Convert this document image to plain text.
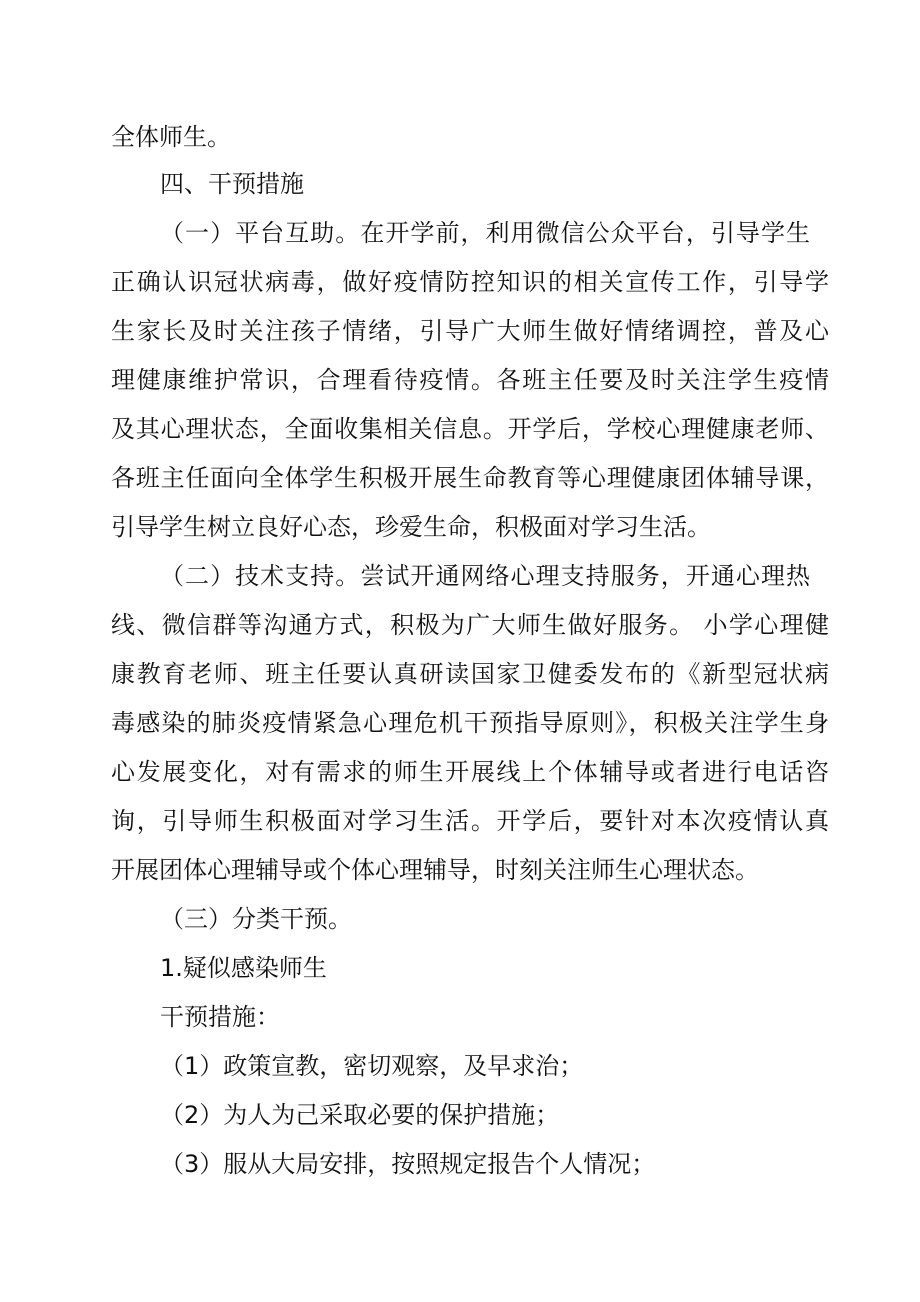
全体师生。
四、干预措施
（一）平台互助。在开学前，利用微信公众平台，引导学生
正确认识冠状病毒，做好疫情防控知识的相关宣传工作，引导学
生家长及时关注孩子情绪，引导广大师生做好情绪调控，普及心
理健康维护常识，合理看待疫情。各班主任要及时关注学生疫情
及其心理状态，全面收集相关信息。开学后，学校心理健康老师、
各班主任面向全体学生积极开展生命教育等心理健康团体辅导课，
引导学生树立良好心态，珍爱生命，积极面对学习生活。
（二）技术支持。尝试开通网络心理支持服务，开通心理热
线、微信群等沟通方式，积极为广大师生做好服务。 小学心理健
康教育老师、班主任要认真研读国家卫健委发布的《新型冠状病
毒感染的肺炎疫情紧急心理危机干预指导原则》，积极关注学生身
心发展变化，对有需求的师生开展线上个体辅导或者进行电话咨
询，引导师生积极面对学习生活。开学后，要针对本次疫情认真
开展团体心理辅导或个体心理辅导，时刻关注师生心理状态。
（三）分类干预。
1.疑似感染师生
干预措施：
（1）政策宣教，密切观察，及早求治；
（2）为人为己采取必要的保护措施；
（3）服从大局安排，按照规定报告个人情况；
